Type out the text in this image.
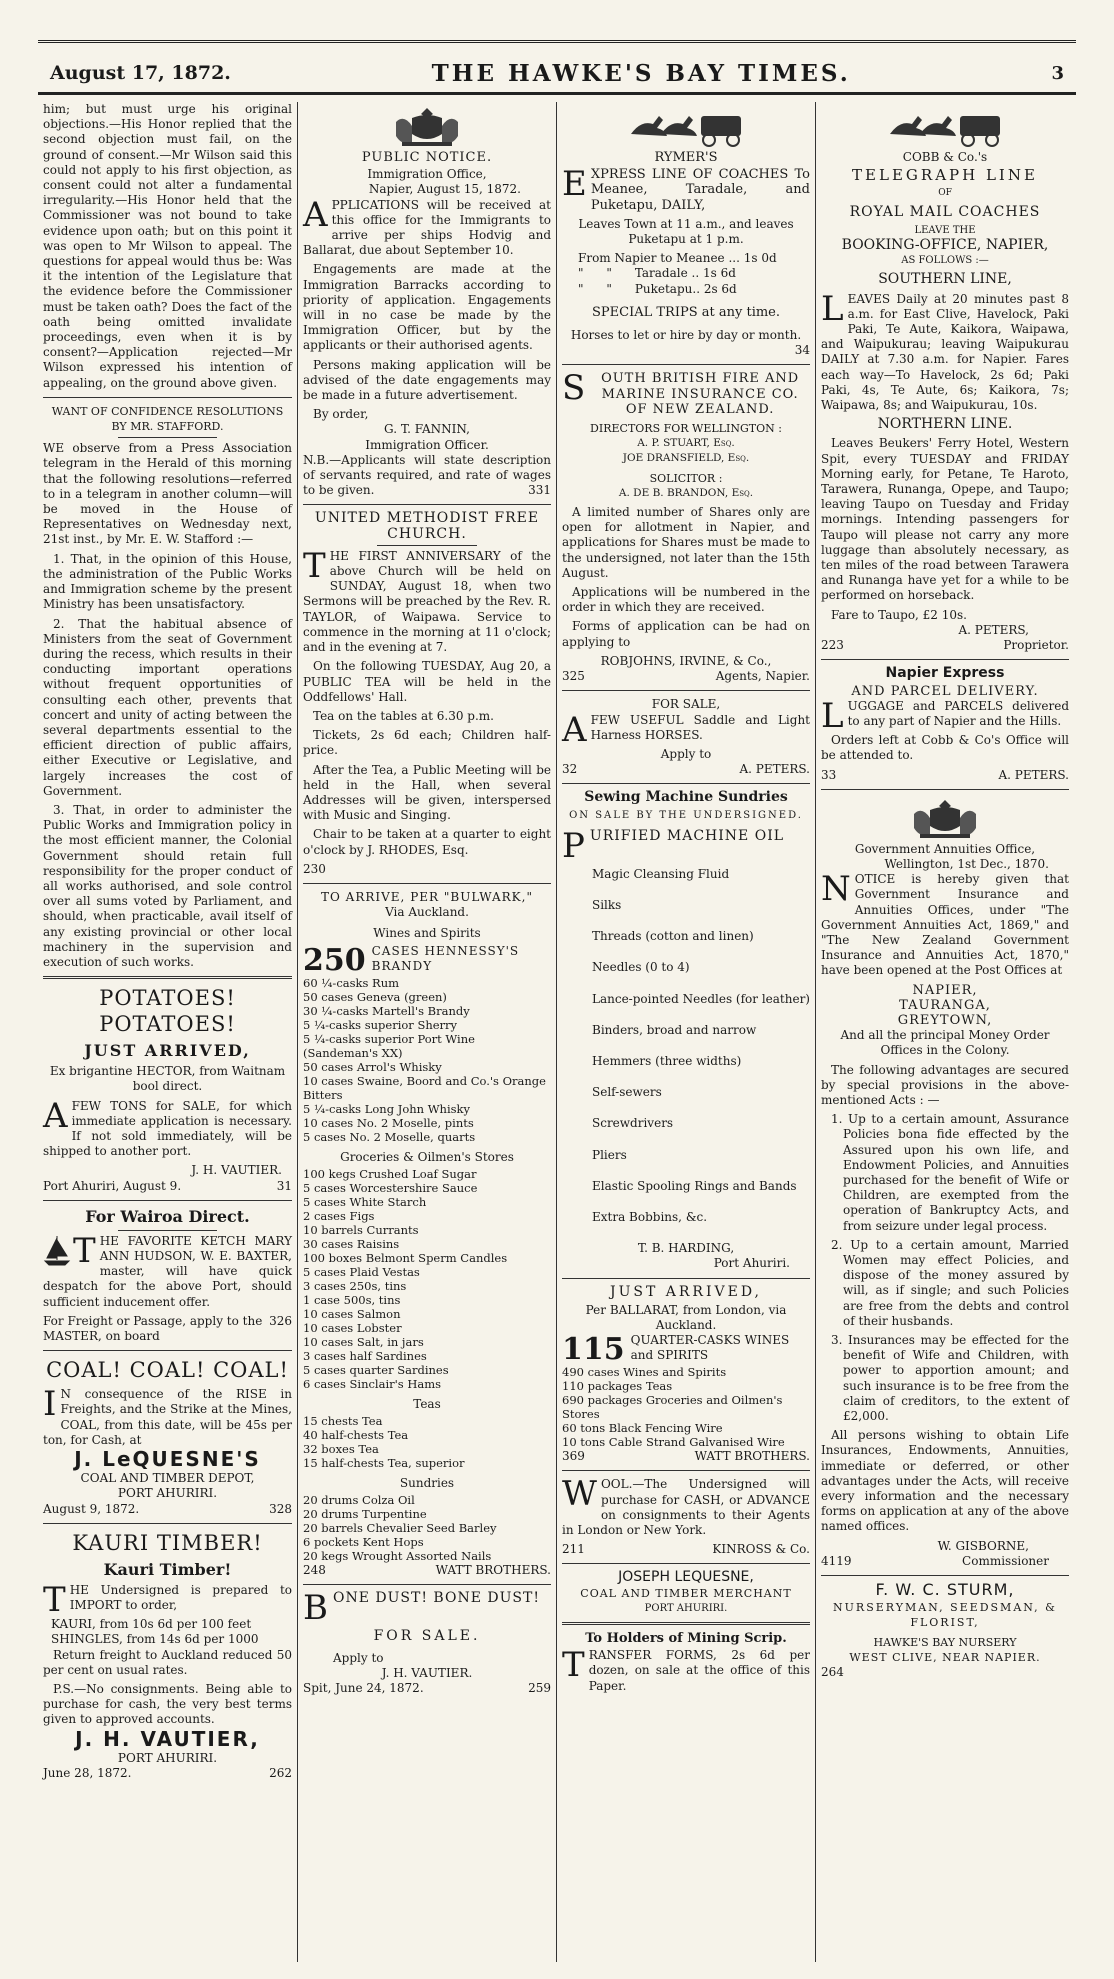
August 17, 1872.	THE HAWKE'S BAY TIMES.	3

him; but must urge his original objections.—His Honor replied that the second objection must fail, on the ground of consent.—Mr Wilson said this could not apply to his first objection, as consent could not alter a fundamental irregularity.—His Honor held that the Commissioner was not bound to take evidence upon oath; but on this point it was open to Mr Wilson to appeal. The questions for appeal would thus be: Was it the intention of the Legislature that the evidence before the Commissioner must be taken oath? Does the fact of the oath being omitted invalidate proceedings, even when it is by consent?—Application rejected—Mr Wilson expressed his intention of appealing, on the ground above given.

WANT OF CONFIDENCE RESOLUTIONS BY MR. STAFFORD.

WE observe from a Press Association telegram in the Herald of this morning that the following resolutions—referred to in a telegram in another column—will be moved in the House of Representatives on Wednesday next, 21st inst., by Mr. E. W. Stafford :—

1. That, in the opinion of this House, the administration of the Public Works and Immigration scheme by the present Ministry has been unsatisfactory.

2. That the habitual absence of Ministers from the seat of Government during the recess, which results in their conducting important operations without frequent opportunities of consulting each other, prevents that concert and unity of acting between the several departments essential to the efficient direction of public affairs, either Executive or Legislative, and largely increases the cost of Government.

3. That, in order to administer the Public Works and Immigration policy in the most efficient manner, the Colonial Government should retain full responsibility for the proper conduct of all works authorised, and sole control over all sums voted by Parliament, and should, when practicable, avail itself of any existing provincial or other local machinery in the supervision and execution of such works.

POTATOES! POTATOES!
JUST ARRIVED,

Ex brigantine HECTOR, from Waitnam bool direct.

AFEW TONS for SALE, for which immediate application is necessary. If not sold immediately, will be shipped to another port.

J. H. VAUTIER.
Port Ahuriri, August 9.	31
For Wairoa Direct.

THE FAVORITE KETCH MARY ANN HUDSON, W. E. BAXTER, master, will have quick despatch for the above Port, should sufficient inducement offer.

For Freight or Passage, apply to the MASTER, on board
326
COAL! COAL! COAL!

I N consequence of the RISE in Freights, and the Strike at the Mines, COAL, from this date, will be 45s per ton, for Cash, at

J. LeQUESNE'S
COAL AND TIMBER DEPOT,
PORT AHURIRI.
August 9, 1872.	328
KAURI TIMBER!
Kauri Timber!

THE Undersigned is prepared to IMPORT to order,

KAURI, from 10s 6d per 100 feet
SHINGLES, from 14s 6d per 1000

Return freight to Auckland reduced 50 per cent on usual rates.

P.S.—No consignments. Being able to purchase for cash, the very best terms given to approved accounts.

J. H. VAUTIER,
PORT AHURIRI.
June 28, 1872.	262
PUBLIC NOTICE.
Immigration Office,
Napier, August 15, 1872.

APPLICATIONS will be received at this office for the Immigrants to arrive per ships Hodvig and Ballarat, due about September 10.

Engagements are made at the Immigration Barracks according to priority of application. Engagements will in no case be made by the Immigration Officer, but by the applicants or their authorised agents.

Persons making application will be advised of the date engagements may be made in a future advertisement.

By order,
G. T. FANNIN,
Immigration Officer.

N.B.—Applicants will state description of servants required, and rate of wages to be given.	331

UNITED METHODIST FREE CHURCH.

THE FIRST ANNIVERSARY of the above Church will be held on SUNDAY, August 18, when two Sermons will be preached by the Rev. R. TAYLOR, of Waipawa. Service to commence in the morning at 11 o'clock; and in the evening at 7.

On the following TUESDAY, Aug 20, a PUBLIC TEA will be held in the Oddfellows' Hall.

Tea on the tables at 6.30 p.m.

Tickets, 2s 6d each; Children half-price.

After the Tea, a Public Meeting will be held in the Hall, when several Addresses will be given, interspersed with Music and Singing.

Chair to be taken at a quarter to eight o'clock by J. RHODES, Esq.

230
TO ARRIVE, PER "BULWARK,"
Via Auckland.
Wines and Spirits
250 CASES HENNESSY'S BRANDY
60 ¼-casks Rum
50 cases Geneva (green)
30 ¼-casks Martell's Brandy
5 ¼-casks superior Sherry
5 ¼-casks superior Port Wine (Sandeman's XX)
50 cases Arrol's Whisky
10 cases Swaine, Boord and Co.'s Orange Bitters
5 ¼-casks Long John Whisky
10 cases No. 2 Moselle, pints
5 cases No. 2 Moselle, quarts
Groceries & Oilmen's Stores
100 kegs Crushed Loaf Sugar
5 cases Worcestershire Sauce
5 cases White Starch
2 cases Figs
10 barrels Currants
30 cases Raisins
100 boxes Belmont Sperm Candles
5 cases Plaid Vestas
3 cases 250s, tins
1 case 500s, tins
10 cases Salmon
10 cases Lobster
10 cases Salt, in jars
3 cases half Sardines
5 cases quarter Sardines
6 cases Sinclair's Hams
Teas
15 chests Tea
40 half-chests Tea
32 boxes Tea
15 half-chests Tea, superior
Sundries
20 drums Colza Oil
20 drums Turpentine
20 barrels Chevalier Seed Barley
6 pockets Kent Hops
20 kegs Wrought Assorted Nails
248	WATT BROTHERS.
BONE DUST! BONE DUST!
FOR SALE.
Apply to
J. H. VAUTIER.
Spit, June 24, 1872.	259
RYMER'S

EXPRESS LINE OF COACHES To Meanee, Taradale, and Puketapu, DAILY,

Leaves Town at 11 a.m., and leaves Puketapu at 1 p.m.

From Napier to Meanee ... 1s 0d
"      "      Taradale .. 1s 6d
"      "      Puketapu.. 2s 6d
SPECIAL TRIPS at any time.
Horses to let or hire by day or month.
34

S OUTH BRITISH FIRE AND MARINE INSURANCE CO. OF NEW ZEALAND.

DIRECTORS FOR WELLINGTON :
A. P. STUART, Esq.
JOE DRANSFIELD, Esq.
SOLICITOR :
A. DE B. BRANDON, Esq.

A limited number of Shares only are open for allotment in Napier, and applications for Shares must be made to the undersigned, not later than the 15th August.

Applications will be numbered in the order in which they are received.

Forms of application can be had on applying to

ROBJOHNS, IRVINE, & Co.,
325	Agents, Napier.
FOR SALE,

AFEW USEFUL Saddle and Light Harness HORSES.

Apply to
32	A. PETERS.
Sewing Machine Sundries
ON SALE BY THE UNDERSIGNED.
PURIFIED MACHINE OIL
Magic Cleansing Fluid
Silks
Threads (cotton and linen)
Needles (0 to 4)
Lance-pointed Needles (for leather)
Binders, broad and narrow
Hemmers (three widths)
Self-sewers
Screwdrivers
Pliers
Elastic Spooling Rings and Bands
Extra Bobbins, &c.
T. B. HARDING,
Port Ahuriri.
JUST ARRIVED,
Per BALLARAT, from London, via Auckland.
115 QUARTER-CASKS WINES and SPIRITS
490 cases Wines and Spirits
110 packages Teas
690 packages Groceries and Oilmen's Stores
60 tons Black Fencing Wire
10 tons Cable Strand Galvanised Wire
369	WATT BROTHERS.

WOOL.—The Undersigned will purchase for CASH, or ADVANCE on consignments to their Agents in London or New York.

211	KINROSS & Co.
JOSEPH LEQUESNE,
COAL AND TIMBER MERCHANT
PORT AHURIRI.
To Holders of Mining Scrip.

TRANSFER FORMS, 2s 6d per dozen, on sale at the office of this Paper.

COBB & Co.'s
TELEGRAPH LINE
OF
ROYAL MAIL COACHES
LEAVE THE
BOOKING-OFFICE, NAPIER,
AS FOLLOWS :—
SOUTHERN LINE,

LEAVES Daily at 20 minutes past 8 a.m. for East Clive, Havelock, Paki Paki, Te Aute, Kaikora, Waipawa, and Waipukurau; leaving Waipukurau DAILY at 7.30 a.m. for Napier. Fares each way—To Havelock, 2s 6d; Paki Paki, 4s, Te Aute, 6s; Kaikora, 7s; Waipawa, 8s; and Waipukurau, 10s.

NORTHERN LINE.

Leaves Beukers' Ferry Hotel, Western Spit, every TUESDAY and FRIDAY Morning early, for Petane, Te Haroto, Tarawera, Runanga, Opepe, and Taupo; leaving Taupo on Tuesday and Friday mornings. Intending passengers for Taupo will please not carry any more luggage than absolutely necessary, as ten miles of the road between Tarawera and Runanga have yet for a while to be performed on horseback.

Fare to Taupo, £2 10s.
A. PETERS,
223	Proprietor.
Napier Express
AND PARCEL DELIVERY.

LUGGAGE and PARCELS delivered to any part of Napier and the Hills.

Orders left at Cobb & Co's Office will be attended to.

33	A. PETERS.
Government Annuities Office,
Wellington, 1st Dec., 1870.

NOTICE is hereby given that Government Insurance and Annuities Offices, under "The Government Annuities Act, 1869," and "The New Zealand Government Insurance and Annuities Act, 1870," have been opened at the Post Offices at

NAPIER,
TAURANGA,
GREYTOWN,

And all the principal Money Order Offices in the Colony.

The following advantages are secured by special provisions in the above-mentioned Acts : —

1. Up to a certain amount, Assurance Policies bona fide effected by the Assured upon his own life, and Endowment Policies, and Annuities purchased for the benefit of Wife or Children, are exempted from the operation of Bankruptcy Acts, and from seizure under legal process.

2. Up to a certain amount, Married Women may effect Policies, and dispose of the money assured by will, as if single; and such Policies are free from the debts and control of their husbands.

3. Insurances may be effected for the benefit of Wife and Children, with power to apportion amount; and such insurance is to be free from the claim of creditors, to the extent of £2,000.

All persons wishing to obtain Life Insurances, Endowments, Annuities, immediate or deferred, or other advantages under the Acts, will receive every information and the necessary forms on application at any of the above named offices.

W. GISBORNE,
4119	Commissioner
F. W. C. STURM,
NURSERYMAN, SEEDSMAN, & FLORIST,
HAWKE'S BAY NURSERY
WEST CLIVE, NEAR NAPIER.
264
